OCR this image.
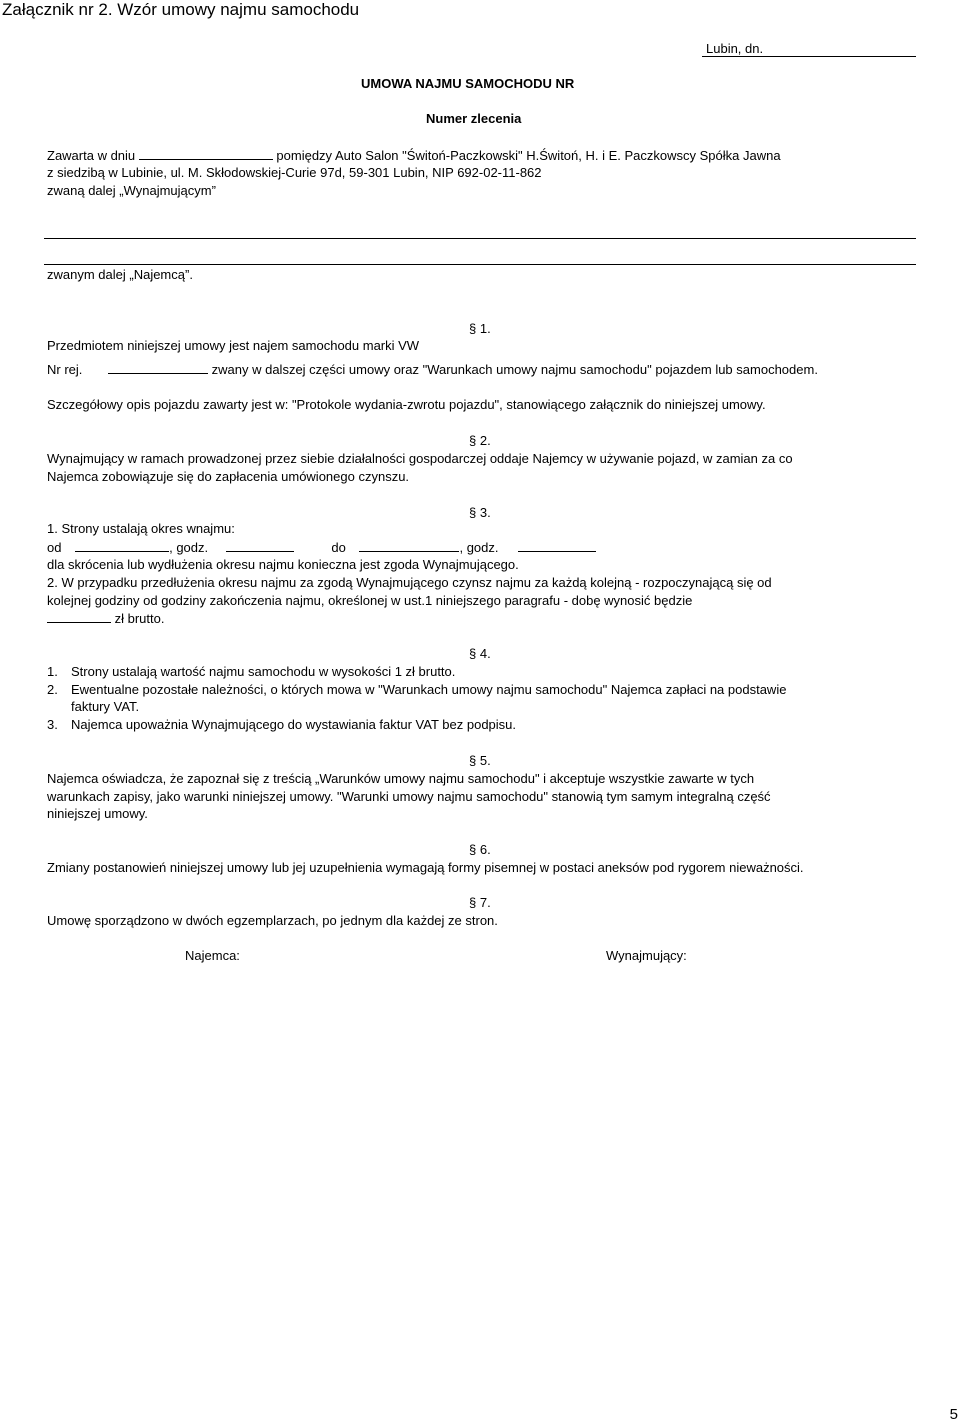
Załącznik nr 2. Wzór umowy najmu samochodu
Lubin, dn.
UMOWA NAJMU SAMOCHODU NR
Numer zlecenia
Zawarta w dniu	pomiędzy Auto Salon "Świtoń-Paczkowski" H.Świtoń, H. i E. Paczkowscy Spółka Jawna
z siedzibą w Lubinie, ul. M. Skłodowskiej-Curie 97d, 59-301 Lubin, NIP 692-02-11-862
zwaną dalej „Wynajmującym”
zwanym dalej „Najemcą”.
§ 1.
Przedmiotem niniejszej umowy jest najem samochodu marki VW
Nr rej.	zwany w dalszej części umowy oraz "Warunkach umowy najmu samochodu" pojazdem lub samochodem.
Szczegółowy opis pojazdu zawarty jest w: "Protokole wydania-zwrotu pojazdu", stanowiącego załącznik do niniejszej umowy.
§ 2.
Wynajmujący w ramach prowadzonej przez siebie działalności gospodarczej oddaje Najemcy w używanie pojazd, w zamian za co
Najemca zobowiązuje się do zapłacenia umówionego czynszu.
§ 3.
1. Strony ustalają okres wnajmu:
od	, godz.	do	, godz.
dla skrócenia lub wydłużenia okresu najmu konieczna jest zgoda Wynajmującego.
2. W przypadku przedłużenia okresu najmu za zgodą Wynajmującego czynsz najmu za każdą kolejną - rozpoczynającą się od
kolejnej godziny od godziny zakończenia najmu, określonej w ust.1 niniejszego paragrafu - dobę wynosić będzie
zł brutto.
§ 4.
1. Strony ustalają wartość najmu samochodu w wysokości 1 zł brutto.
2. Ewentualne pozostałe należności, o których mowa w "Warunkach umowy najmu samochodu" Najemca zapłaci na podstawie
faktury VAT.
3. Najemca upoważnia Wynajmującego do wystawiania faktur VAT bez podpisu.
§ 5.
Najemca oświadcza, że zapoznał się z treścią „Warunków umowy najmu samochodu" i akceptuje wszystkie zawarte w tych
warunkach zapisy, jako warunki niniejszej umowy. "Warunki umowy najmu samochodu" stanowią tym samym integralną część
niniejszej umowy.
§ 6.
Zmiany postanowień niniejszej umowy lub jej uzupełnienia wymagają formy pisemnej w postaci aneksów pod rygorem nieważności.
§ 7.
Umowę sporządzono w dwóch egzemplarzach, po jednym dla każdej ze stron.
Najemca:	Wynajmujący:
5
